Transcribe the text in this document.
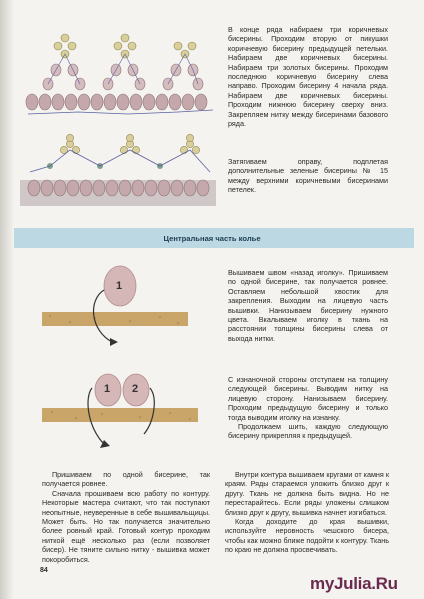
В конце ряда набираем три коричневых бисерины. Проходим вторую от пикушки коричневую бисерину предыдущей петельки. Набираем две коричневых бисерины. Набираем три золотых бисерины. Проходим последнюю коричневую бисерину слева направо. Проходим бисерину 4 начала ряда. Набираем две коричневых бисерины. Проходим нижнюю бисерину сверху вниз. Закрепляем нитку между бисеринами базового ряда.

Затягиваем оправу, подплетая дополнительные зеленые бисерины № 15 между верхними коричневыми бисеринами петелек.

Центральная часть колье
1

Вышиваем швом «назад иголку». Пришиваем по одной бисерине, так получается ровнее. Оставляем небольшой хвостик для закрепления. Выходим на лицевую часть вышивки. Нанизываем бисерину нужного цвета. Вкалываем иголку в ткань на расстоянии толщины бисерины слева от выхода нитки.

1 2

С изнаночной стороны отступаем на толщину следующей бисерины. Выводим нитку на лицевую сторону. Нанизываем бисерину. Проходим предыдущую бисерину и только тогда выводим иголку на изнанку.

Продолжаем шить, каждую следующую бисерину прикрепляя к предыдущей.

Пришиваем по одной бисерине, так получается ровнее.

Сначала прошиваем всю работу по контуру. Некоторые мастера считают, что так поступают неопытные, неуверенные в себе вышивальщицы. Может быть. Но так получается значительно более ровный край. Готовый контур проходим ниткой ещё несколько раз (если позволяет бисер). Не тяните сильно нитку - вышивка может покоробиться.

Внутри контура вышиваем кругами от камня к краям. Ряды стараемся уложить близко друг к другу. Ткань не должна быть видна. Но не перестарайтесь. Если ряды уложены слишком близко друг к другу, вышивка начнет изгибаться.

Когда доходите до края вышивки, используйте неровность чешского бисера, чтобы как можно ближе подойти к контуру. Ткань по краю не должна просвечивать.

84
myJulia.Ru
